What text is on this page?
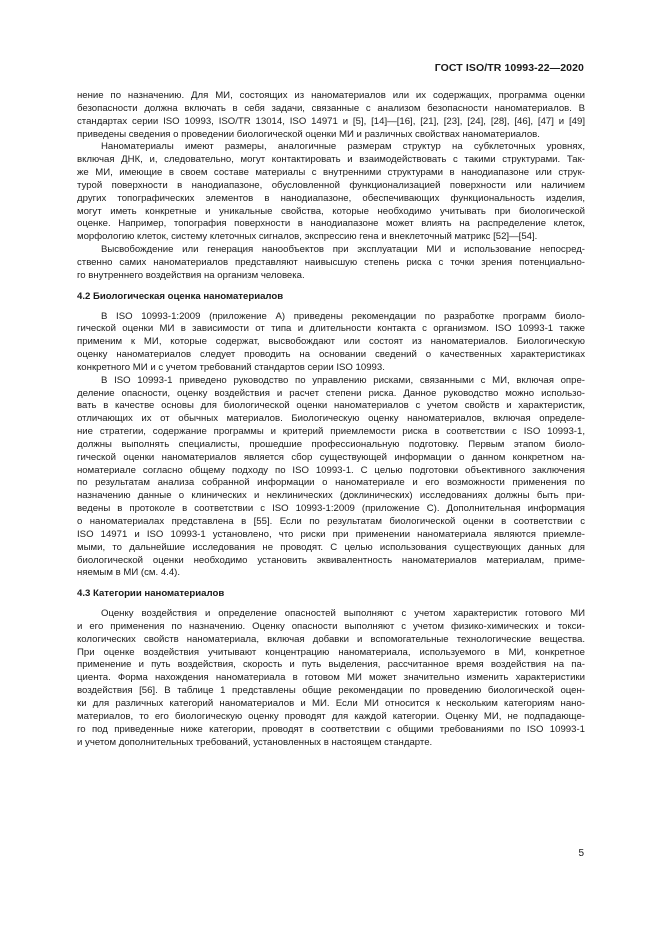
ГОСТ ISO/TR 10993-22—2020
нение по назначению. Для МИ, состоящих из наноматериалов или их содержащих, программа оценки
безопасности должна включать в себя задачи, связанные с анализом безопасности наноматериалов. В
стандартах серии ISO 10993, ISO/TR 13014, ISO 14971 и [5], [14]—[16], [21], [23], [24], [28], [46], [47] и [49]
приведены сведения о проведении биологической оценки МИ и различных свойствах наноматериалов.
Наноматериалы имеют размеры, аналогичные размерам структур на субклеточных уровнях,
включая ДНК, и, следовательно, могут контактировать и взаимодействовать с такими структурами. Так-
же МИ, имеющие в своем составе материалы с внутренними структурами в нанодиапазоне или струк-
турой поверхности в нанодиапазоне, обусловленной функционализацией поверхности или наличием
других топографических элементов в нанодиапазоне, обеспечивающих функциональность изделия,
могут иметь конкретные и уникальные свойства, которые необходимо учитывать при биологической
оценке. Например, топография поверхности в нанодиапазоне может влиять на распределение клеток,
морфологию клеток, систему клеточных сигналов, экспрессию гена и внеклеточный матрикс [52]—[54].
Высвобождение или генерация нанообъектов при эксплуатации МИ и использование непосред-
ственно самих наноматериалов представляют наивысшую степень риска с точки зрения потенциально-
го внутреннего воздействия на организм человека.
4.2 Биологическая оценка наноматериалов
В ISO 10993-1:2009 (приложение А) приведены рекомендации по разработке программ биоло-
гической оценки МИ в зависимости от типа и длительности контакта с организмом. ISO 10993-1 также
применим к МИ, которые содержат, высвобождают или состоят из наноматериалов. Биологическую
оценку наноматериалов следует проводить на основании сведений о качественных характеристиках
конкретного МИ и с учетом требований стандартов серии ISO 10993.
В ISO 10993-1 приведено руководство по управлению рисками, связанными с МИ, включая опре-
деление опасности, оценку воздействия и расчет степени риска. Данное руководство можно использо-
вать в качестве основы для биологической оценки наноматериалов с учетом свойств и характеристик,
отличающих их от обычных материалов. Биологическую оценку наноматериалов, включая определе-
ние стратегии, содержание программы и критерий приемлемости риска в соответствии с ISO 10993-1,
должны выполнять специалисты, прошедшие профессиональную подготовку. Первым этапом биоло-
гической оценки наноматериалов является сбор существующей информации о данном конкретном на-
номатериале согласно общему подходу по ISO 10993-1. С целью подготовки объективного заключения
по результатам анализа собранной информации о наноматериале и его возможности применения по
назначению данные о клинических и неклинических (доклинических) исследованиях должны быть при-
ведены в протоколе в соответствии с ISO 10993-1:2009 (приложение С). Дополнительная информация
о наноматериалах представлена в [55]. Если по результатам биологической оценки в соответствии с
ISO 14971 и ISO 10993-1 установлено, что риски при применении наноматериала являются приемле-
мыми, то дальнейшие исследования не проводят. С целью использования существующих данных для
биологической оценки необходимо установить эквивалентность наноматериалов материалам, приме-
няемым в МИ (см. 4.4).
4.3 Категории наноматериалов
Оценку воздействия и определение опасностей выполняют с учетом характеристик готового МИ
и его применения по назначению. Оценку опасности выполняют с учетом физико-химических и токси-
кологических свойств наноматериала, включая добавки и вспомогательные технологические вещества.
При оценке воздействия учитывают концентрацию наноматериала, используемого в МИ, конкретное
применение и путь воздействия, скорость и путь выделения, рассчитанное время воздействия на па-
циента. Форма нахождения наноматериала в готовом МИ может значительно изменить характеристики
воздействия [56]. В таблице 1 представлены общие рекомендации по проведению биологической оцен-
ки для различных категорий наноматериалов и МИ. Если МИ относится к нескольким категориям нано-
материалов, то его биологическую оценку проводят для каждой категории. Оценку МИ, не подпадающе-
го под приведенные ниже категории, проводят в соответствии с общими требованиями по ISO 10993-1
и учетом дополнительных требований, установленных в настоящем стандарте.
5
